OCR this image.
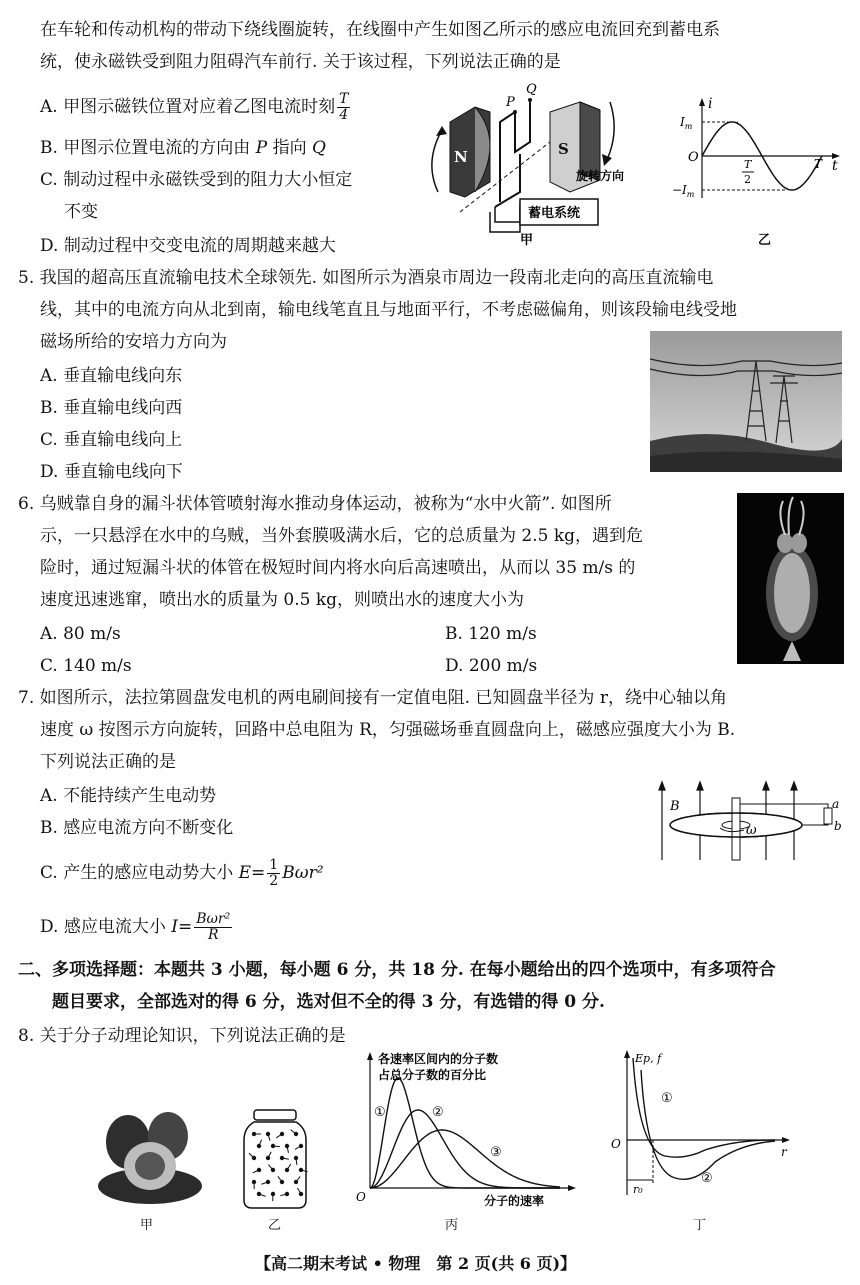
在车轮和传动机构的带动下绕线圈旋转，在线圈中产生如图乙所示的感应电流回充到蓄电系
统，使永磁铁受到阻力阻碍汽车前行. 关于该过程，下列说法正确的是
A. 甲图示磁铁位置对应着乙图电流时刻 $\frac{T}{4}$
B. 甲图示位置电流的方向由 P 指向 Q
C. 制动过程中永磁铁受到的阻力大小恒定
不变
D. 制动过程中交变电流的周期越来越大
N	S
P
Q
蓄电系统
旋转方向
甲
i
t
O
$I_m$
$-I_m$
T
2
T
乙
5. 我国的超高压直流输电技术全球领先. 如图所示为酒泉市周边一段南北走向的高压直流输电
线，其中的电流方向从北到南，输电线笔直且与地面平行，不考虑磁偏角，则该段输电线受地
磁场所给的安培力方向为
A. 垂直输电线向东
B. 垂直输电线向西
C. 垂直输电线向上
D. 垂直输电线向下
6. 乌贼靠自身的漏斗状体管喷射海水推动身体运动，被称为“水中火箭”. 如图所
示，一只悬浮在水中的乌贼，当外套膜吸满水后，它的总质量为 2.5 kg，遇到危
险时，通过短漏斗状的体管在极短时间内将水向后高速喷出，从而以 35 m/s 的
速度迅速逃窜，喷出水的质量为 0.5 kg，则喷出水的速度大小为
A. 80 m/s	B. 120 m/s
C. 140 m/s	D. 200 m/s
7. 如图所示，法拉第圆盘发电机的两电刷间接有一定值电阻. 已知圆盘半径为 r，绕中心轴以角
速度 ω 按图示方向旋转，回路中总电阻为 R，匀强磁场垂直圆盘向上，磁感应强度大小为 B.
下列说法正确的是
A. 不能持续产生电动势
B. 感应电流方向不断变化
C. 产生的感应电动势大小 $E= \frac{1}{2} B\omega r^2$
D. 感应电流大小 $I= \frac{\text{Bωr²}}{R}$
ω
a
b
B
二、多项选择题：本题共 3 小题，每小题 6 分，共 18 分. 在每小题给出的四个选项中，有多项符合
题目要求，全部选对的得 6 分，选对但不全的得 3 分，有选错的得 0 分.
8. 关于分子动理论知识，下列说法正确的是
甲	乙
各速率区间内的分子数
占总分子数的百分比
①	②
③
O	分子的速率
丙
Ep, f
r
O
r₀
①
②
丁
【高二期末考试 • 物理　第 2 页(共 6 页)】
